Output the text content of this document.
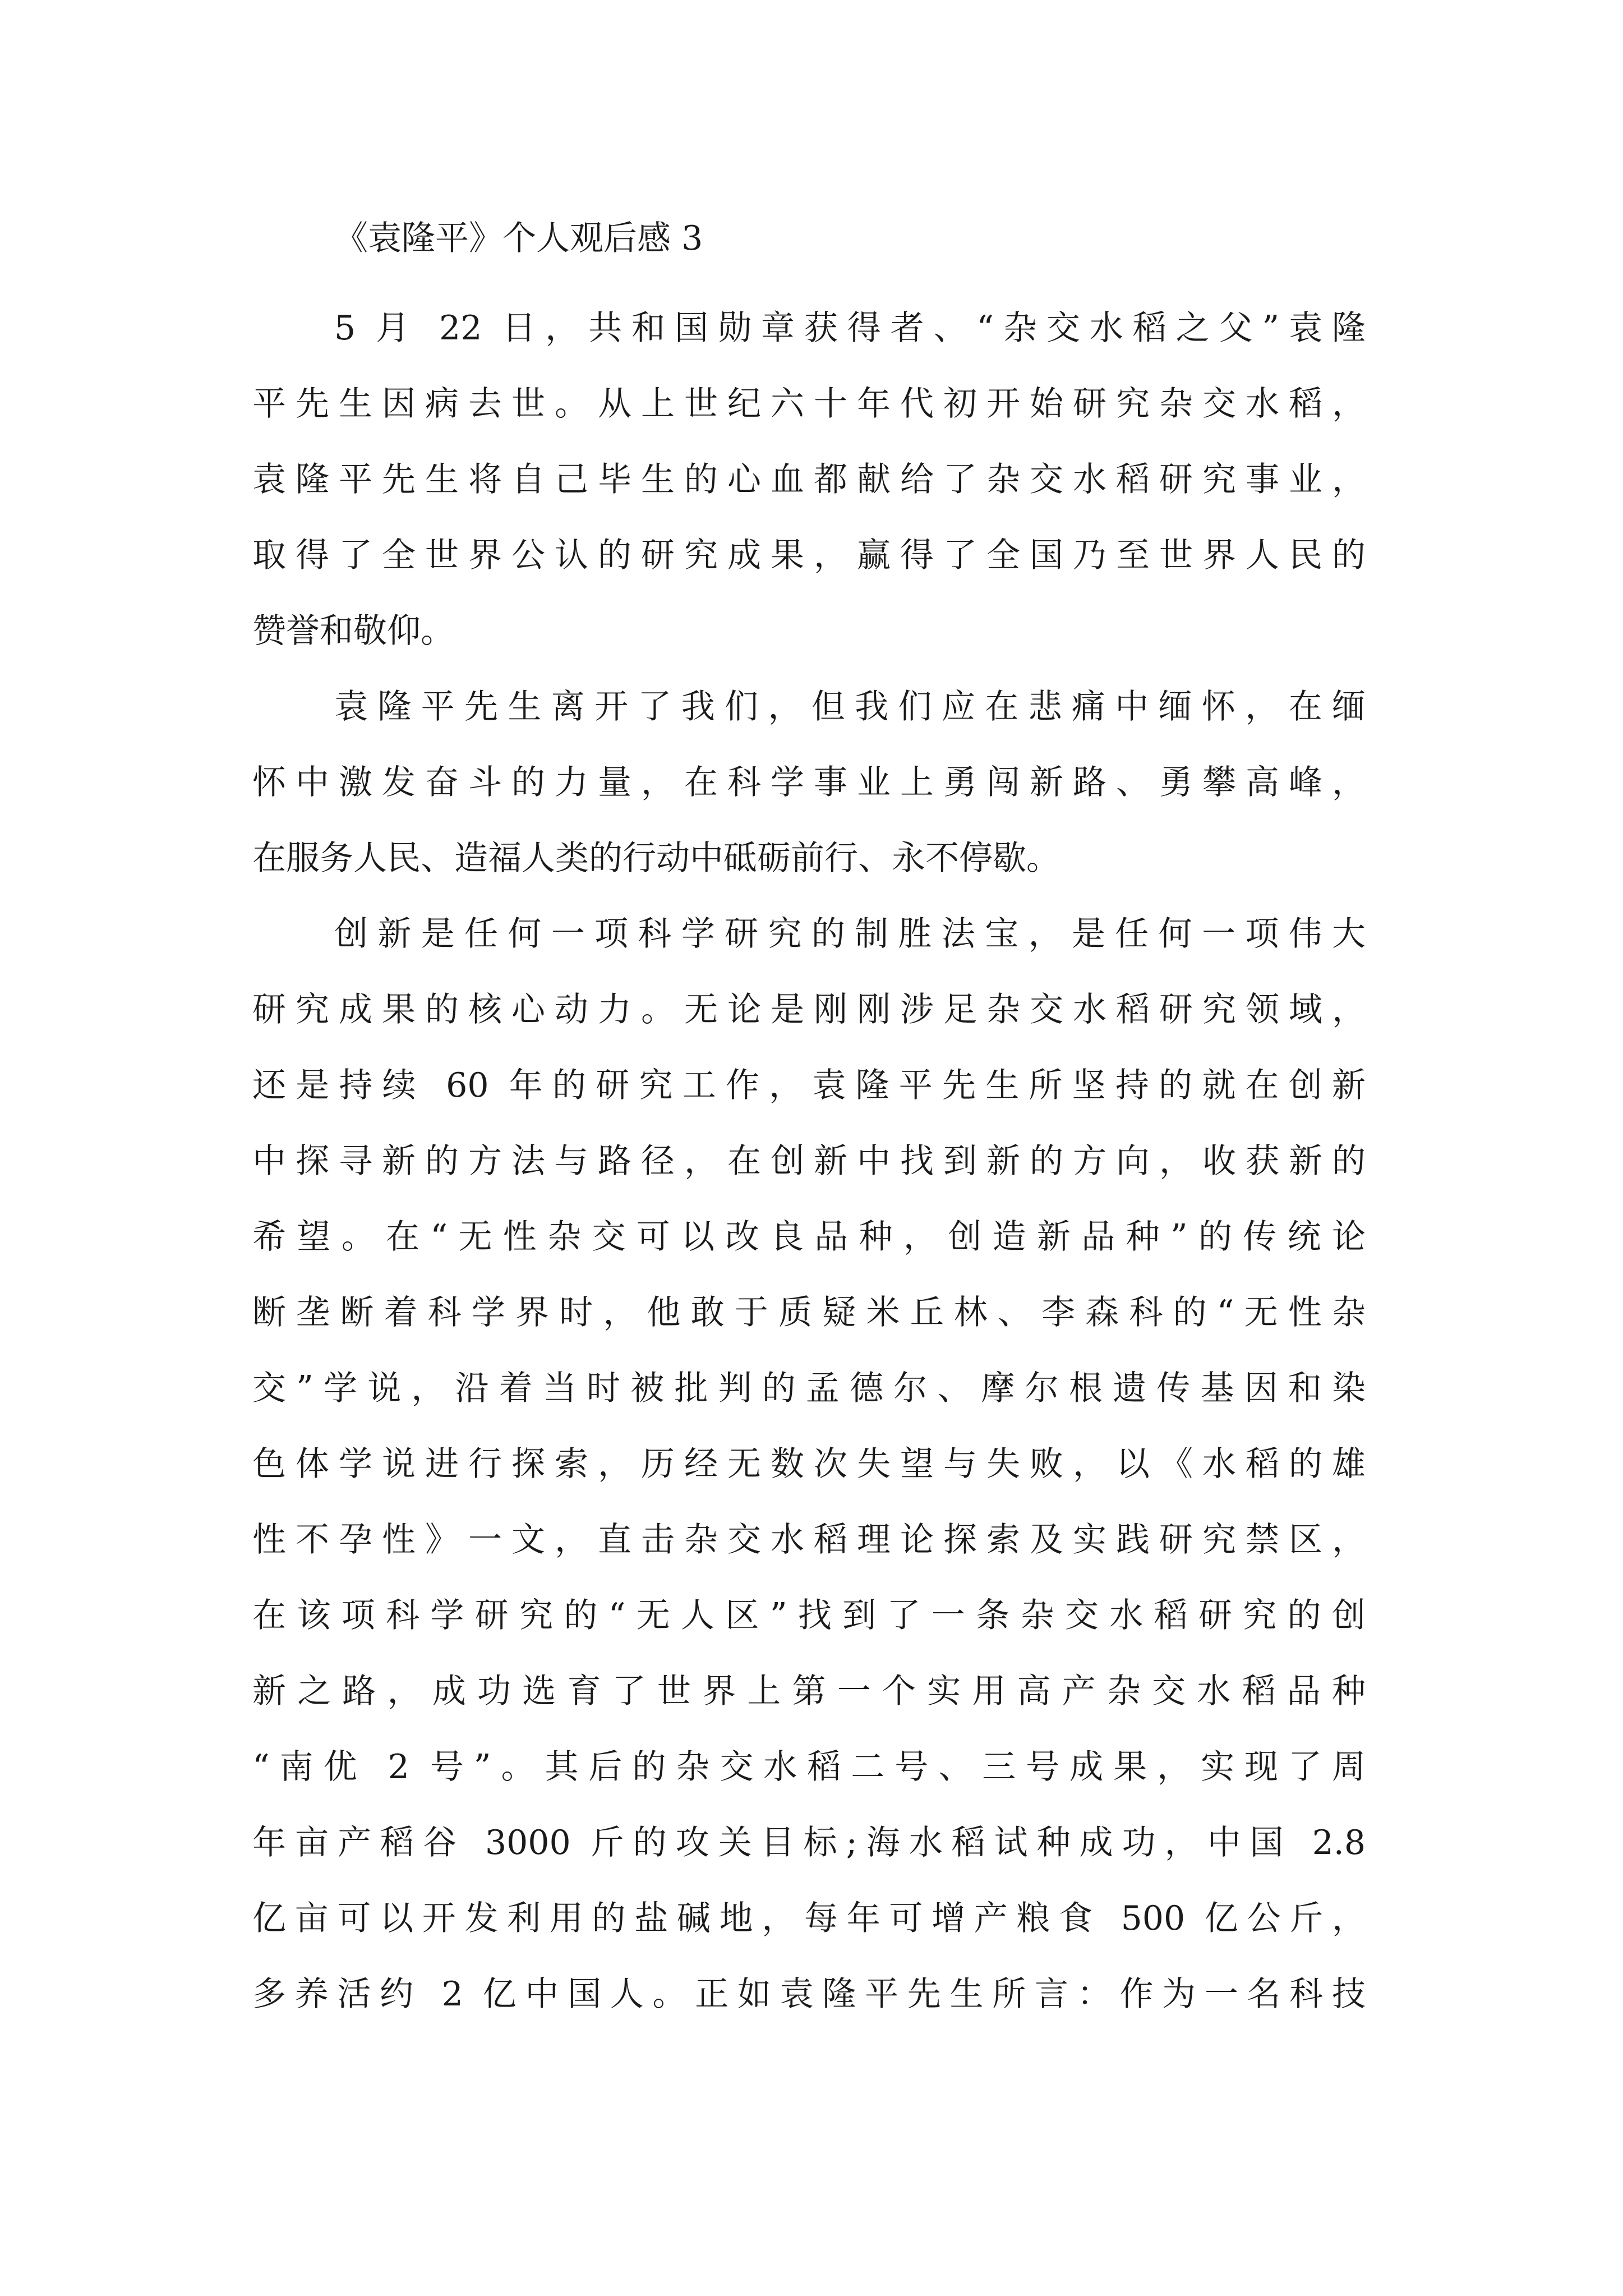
《袁隆平》个人观后感 3
5 月 22 日，共和国勋章获得者、“杂交水稻之父”袁隆
平先生因病去世。从上世纪六十年代初开始研究杂交水稻，
袁隆平先生将自己毕生的心血都献给了杂交水稻研究事业，
取得了全世界公认的研究成果，赢得了全国乃至世界人民的
赞誉和敬仰。
袁隆平先生离开了我们，但我们应在悲痛中缅怀，在缅
怀中激发奋斗的力量，在科学事业上勇闯新路、勇攀高峰，
在服务人民、造福人类的行动中砥砺前行、永不停歇。
创新是任何一项科学研究的制胜法宝，是任何一项伟大
研究成果的核心动力。无论是刚刚涉足杂交水稻研究领域，
还是持续 60 年的研究工作，袁隆平先生所坚持的就在创新
中探寻新的方法与路径，在创新中找到新的方向，收获新的
希望。在“无性杂交可以改良品种，创造新品种”的传统论
断垄断着科学界时，他敢于质疑米丘林、李森科的“无性杂
交”学说，沿着当时被批判的孟德尔、摩尔根遗传基因和染
色体学说进行探索，历经无数次失望与失败，以《水稻的雄
性不孕性》一文，直击杂交水稻理论探索及实践研究禁区，
在该项科学研究的“无人区”找到了一条杂交水稻研究的创
新之路，成功选育了世界上第一个实用高产杂交水稻品种
“南优 2 号”。其后的杂交水稻二号、三号成果，实现了周
年亩产稻谷 3000 斤的攻关目标;海水稻试种成功，中国 2.8
亿亩可以开发利用的盐碱地，每年可增产粮食 500 亿公斤，
多养活约 2 亿中国人。正如袁隆平先生所言：作为一名科技
